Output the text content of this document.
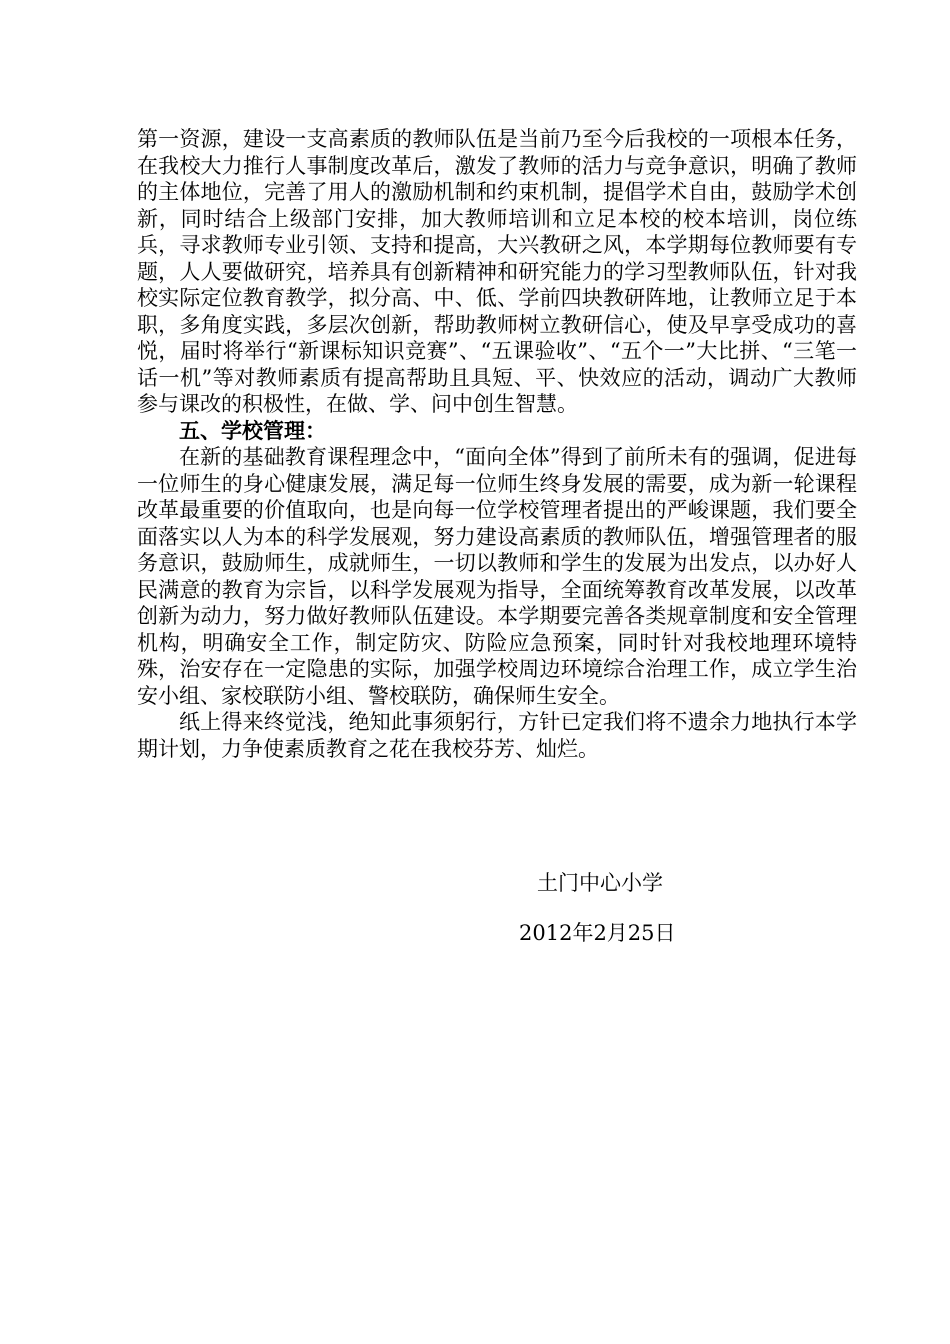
第一资源，建设一支高素质的教师队伍是当前乃至今后我校的一项根本任务，在我校大力推行人事制度改革后，激发了教师的活力与竞争意识，明确了教师的主体地位，完善了用人的激励机制和约束机制，提倡学术自由，鼓励学术创新，同时结合上级部门安排，加大教师培训和立足本校的校本培训，岗位练兵，寻求教师专业引领、支持和提高，大兴教研之风，本学期每位教师要有专题，人人要做研究，培养具有创新精神和研究能力的学习型教师队伍，针对我校实际定位教育教学，拟分高、中、低、学前四块教研阵地，让教师立足于本职，多角度实践，多层次创新，帮助教师树立教研信心，使及早享受成功的喜悦，届时将举行“新课标知识竞赛”、“五课验收”、“五个一”大比拼、“三笔一话一机”等对教师素质有提高帮助且具短、平、快效应的活动，调动广大教师参与课改的积极性，在做、学、问中创生智慧。

五、学校管理：

在新的基础教育课程理念中，“面向全体”得到了前所未有的强调，促进每一位师生的身心健康发展，满足每一位师生终身发展的需要，成为新一轮课程改革最重要的价值取向，也是向每一位学校管理者提出的严峻课题，我们要全面落实以人为本的科学发展观，努力建设高素质的教师队伍，增强管理者的服务意识，鼓励师生，成就师生，一切以教师和学生的发展为出发点，以办好人民满意的教育为宗旨，以科学发展观为指导，全面统筹教育改革发展，以改革创新为动力，努力做好教师队伍建设。本学期要完善各类规章制度和安全管理机构，明确安全工作，制定防灾、防险应急预案，同时针对我校地理环境特殊，治安存在一定隐患的实际，加强学校周边环境综合治理工作，成立学生治安小组、家校联防小组、警校联防，确保师生安全。

纸上得来终觉浅，绝知此事须躬行，方针已定我们将不遗余力地执行本学期计划，力争使素质教育之花在我校芬芳、灿烂。

土门中心小学
2012年2月25日
